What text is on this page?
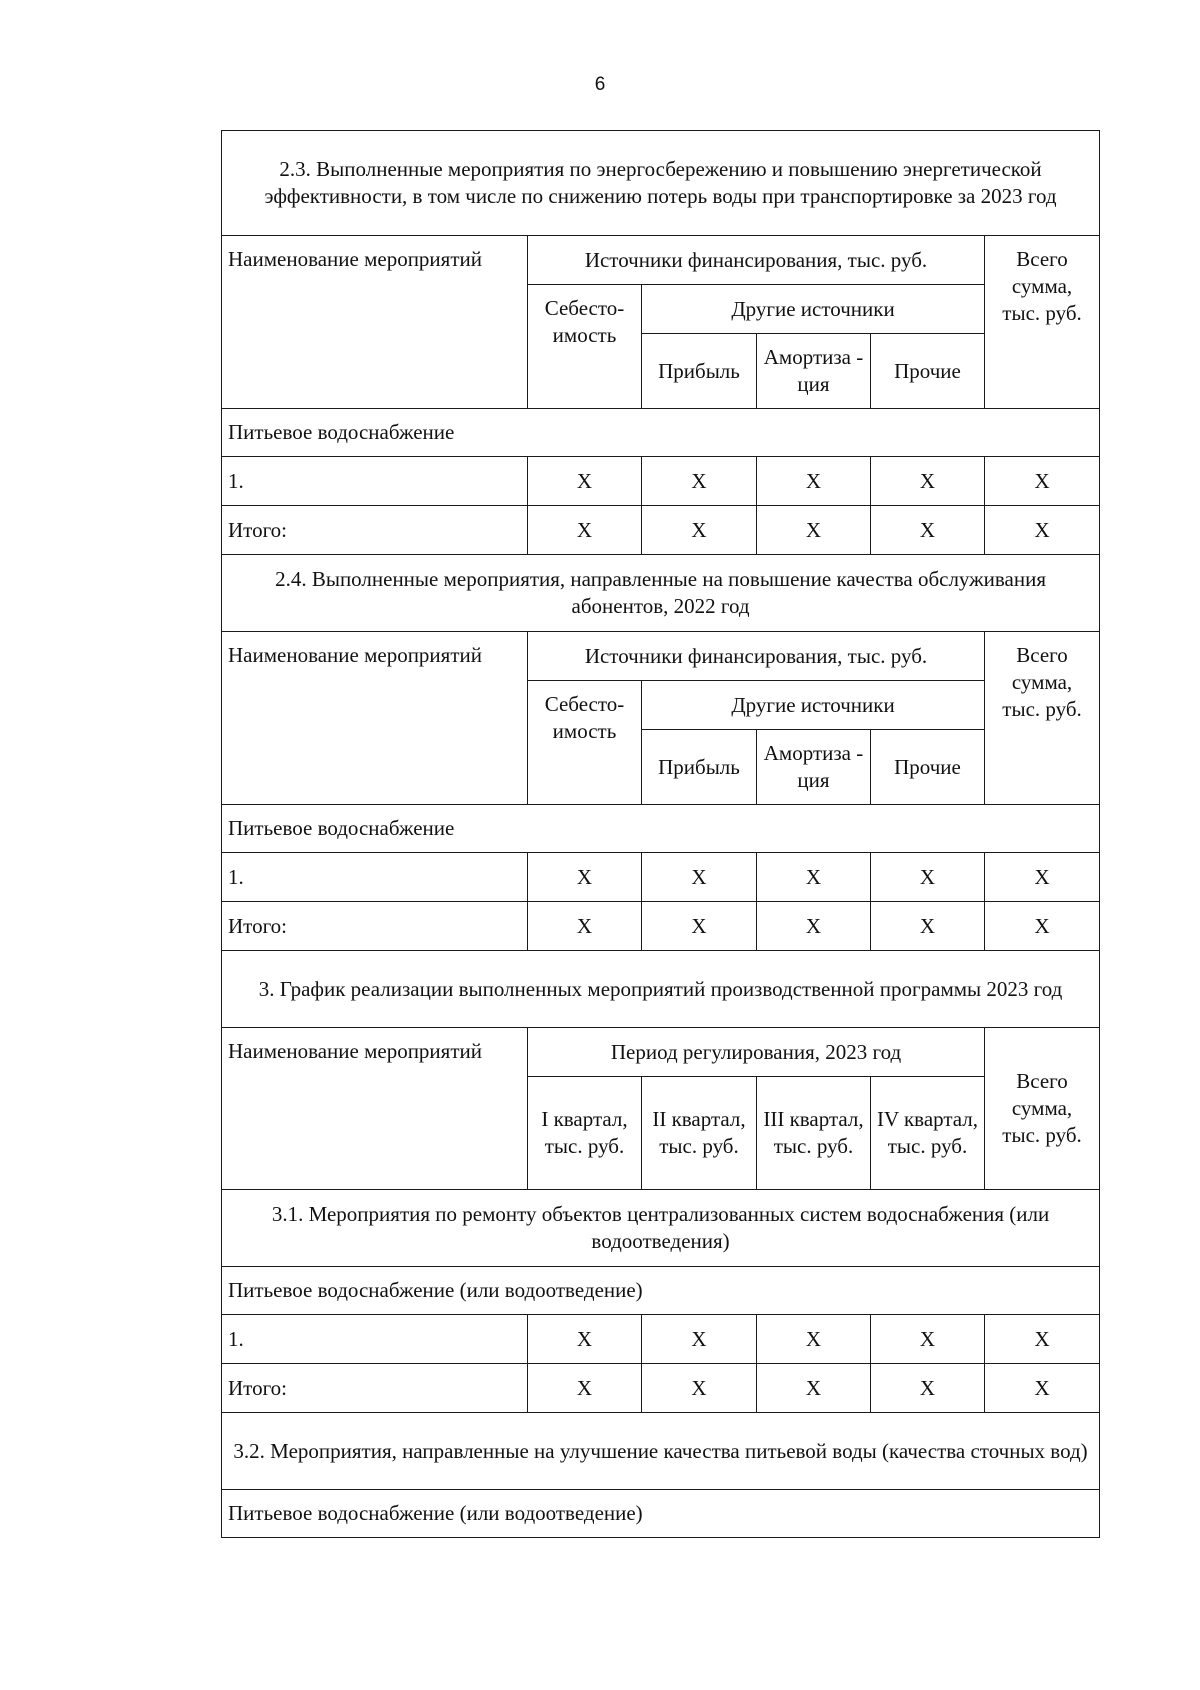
6
2.3. Выполненные мероприятия по энергосбережению и повышению энергетической эффективности, в том числе по снижению потерь воды при транспортировке за 2023 год					
Наименование мероприятий	Источники финансирования, тыс. руб.				Всего сумма, тыс. руб.
	Себесто-имость	Другие источники			
		Прибыль	Амортиза - ция	Прочие	
Питьевое водоснабжение					
1.	X	X	X	X	X
Итого:	X	X	X	X	X
2.4. Выполненные мероприятия, направленные на повышение качества обслуживания абонентов, 2022 год					
Наименование мероприятий	Источники финансирования, тыс. руб.				Всего сумма, тыс. руб.
	Себесто-имость	Другие источники			
		Прибыль	Амортиза - ция	Прочие	
Питьевое водоснабжение					
1.	X	X	X	X	X
Итого:	X	X	X	X	X
3. График реализации выполненных мероприятий производственной программы 2023 год					
Наименование мероприятий	Период регулирования, 2023 год				Всего сумма, тыс. руб.
	I квартал, тыс. руб.	II квартал, тыс. руб.	III квартал, тыс. руб.	IV квартал, тыс. руб.	
3.1. Мероприятия по ремонту объектов централизованных систем водоснабжения (или водоотведения)					
Питьевое водоснабжение (или водоотведение)					
1.	X	X	X	X	X
Итого:	X	X	X	X	X
3.2. Мероприятия, направленные на улучшение качества питьевой воды (качества сточных вод)					
Питьевое водоснабжение (или водоотведение)					
